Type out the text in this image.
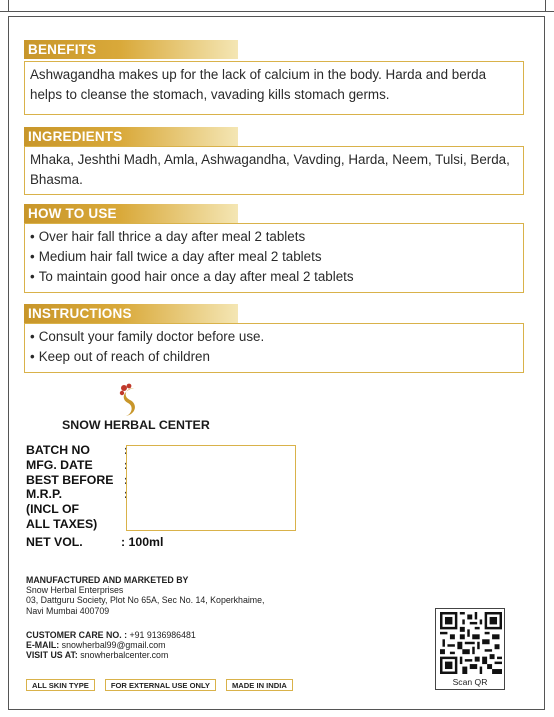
BENEFITS
Ashwagandha makes up for the lack of calcium in the body. Harda and berda helps to cleanse the stomach, vavading kills stomach germs.
INGREDIENTS
Mhaka, Jeshthi Madh, Amla, Ashwagandha, Vavding, Harda, Neem, Tulsi, Berda, Bhasma.
HOW TO USE
• Over hair fall thrice a day after meal 2 tablets
• Medium hair fall twice a day after meal 2 tablets
• To maintain good hair once a day after meal 2 tablets
INSTRUCTIONS
• Consult your family doctor before use.
• Keep out of reach of children
SNOW HERBAL CENTER
BATCH NO	:
MFG. DATE	:
BEST BEFORE :
M.R.P.	:
(INCL OF
ALL TAXES)
NET VOL.	: 100ml
MANUFACTURED AND MARKETED BY
Snow Herbal Enterprises
03, Dattguru Society, Plot No 65A, Sec No. 14, Koperkhaime,
Navi Mumbai 400709
CUSTOMER CARE NO. : +91 9136986481
E-MAIL: snowherbal99@gmail.com
VISIT US AT: snowherbalcenter.com
ALL SKIN TYPE	FOR EXTERNAL USE ONLY	MADE IN INDIA	Scan QR
